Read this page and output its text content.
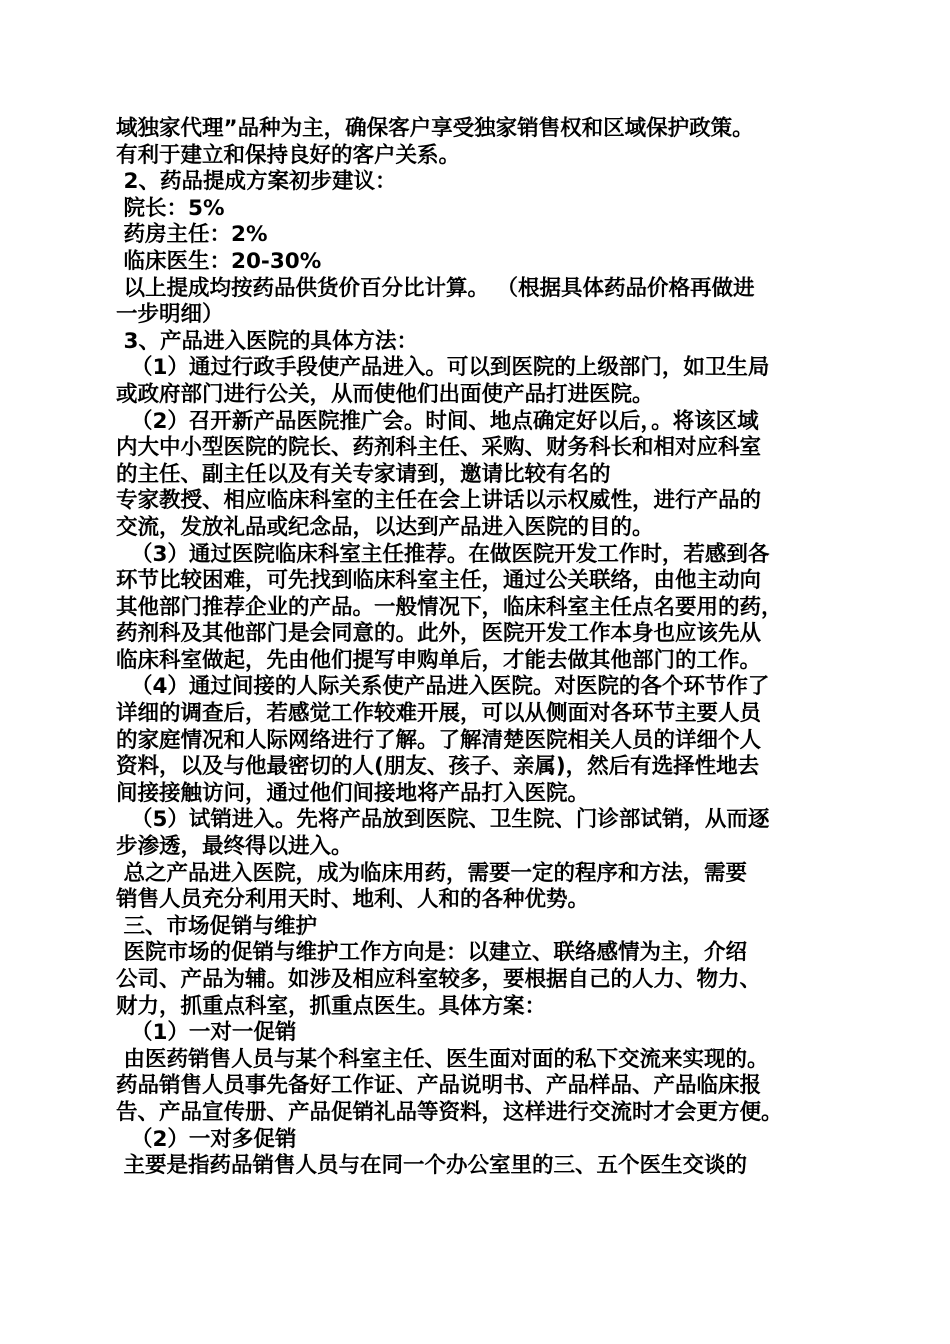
域独家代理”品种为主，确保客户享受独家销售权和区域保护政策。
有利于建立和保持良好的客户关系。
2、药品提成方案初步建议：
院长：5%
药房主任：2%
临床医生：20-30%
以上提成均按药品供货价百分比计算。 （根据具体药品价格再做进
一步明细）
3、产品进入医院的具体方法：
（1）通过行政手段使产品进入。可以到医院的上级部门，如卫生局
或政府部门进行公关，从而使他们出面使产品打进医院。
（2）召开新产品医院推广会。时间、地点确定好以后，。将该区域
内大中小型医院的院长、药剂科主任、采购、财务科长和相对应科室
的主任、副主任以及有关专家请到，邀请比较有名的
专家教授、相应临床科室的主任在会上讲话以示权威性，进行产品的
交流，发放礼品或纪念品，以达到产品进入医院的目的。
（3）通过医院临床科室主任推荐。在做医院开发工作时，若感到各
环节比较困难，可先找到临床科室主任，通过公关联络，由他主动向
其他部门推荐企业的产品。一般情况下，临床科室主任点名要用的药，
药剂科及其他部门是会同意的。此外，医院开发工作本身也应该先从
临床科室做起，先由他们提写申购单后，才能去做其他部门的工作。
（4）通过间接的人际关系使产品进入医院。对医院的各个环节作了
详细的调查后，若感觉工作较难开展，可以从侧面对各环节主要人员
的家庭情况和人际网络进行了解。了解清楚医院相关人员的详细个人
资料，以及与他最密切的人(朋友、孩子、亲属)，然后有选择性地去
间接接触访问，通过他们间接地将产品打入医院。
（5）试销进入。先将产品放到医院、卫生院、门诊部试销，从而逐
步渗透，最终得以进入。
总之产品进入医院，成为临床用药，需要一定的程序和方法，需要
销售人员充分利用天时、地利、人和的各种优势。
三、市场促销与维护
医院市场的促销与维护工作方向是：以建立、联络感情为主，介绍
公司、产品为辅。如涉及相应科室较多，要根据自己的人力、物力、
财力，抓重点科室，抓重点医生。具体方案：
（1）一对一促销
由医药销售人员与某个科室主任、医生面对面的私下交流来实现的。
药品销售人员事先备好工作证、产品说明书、产品样品、产品临床报
告、产品宣传册、产品促销礼品等资料，这样进行交流时才会更方便。
（2）一对多促销
主要是指药品销售人员与在同一个办公室里的三、五个医生交谈的
